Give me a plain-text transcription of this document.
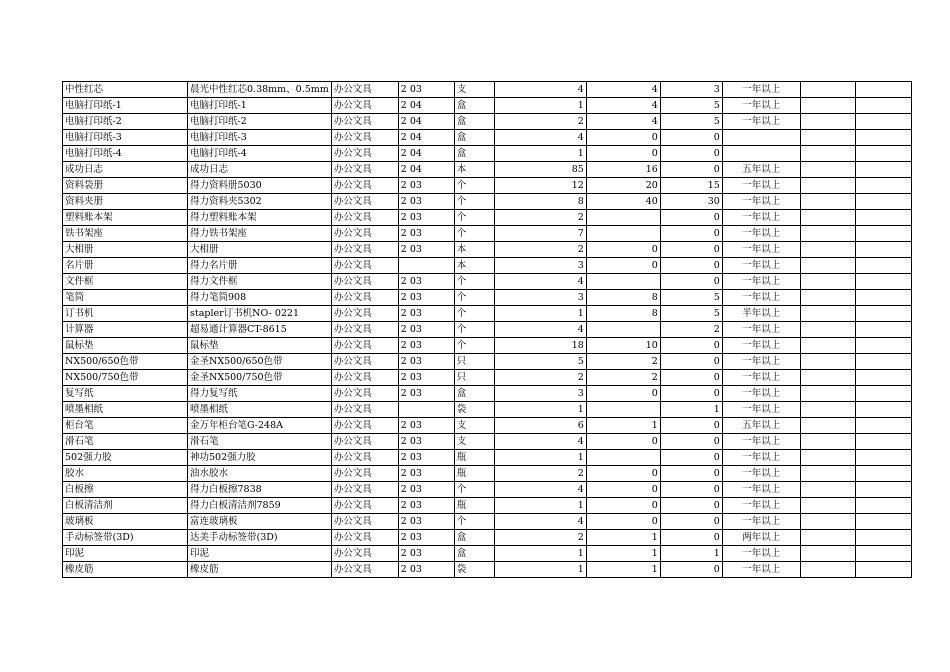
中性红芯	晨光中性红芯0.38mm、0.5mm	办公文具	2 03	支	4	4	3	一年以上		
电脑打印纸-1	电脑打印纸-1	办公文具	2 04	盒	1	4	5	一年以上		
电脑打印纸-2	电脑打印纸-2	办公文具	2 04	盒	2	4	5	一年以上		
电脑打印纸-3	电脑打印纸-3	办公文具	2 04	盒	4	0	0			
电脑打印纸-4	电脑打印纸-4	办公文具	2 04	盒	1	0	0			
成功日志	成功日志	办公文具	2 04	本	85	16	0	五年以上		
资料袋册	得力资料册5030	办公文具	2 03	个	12	20	15	一年以上		
资料夹册	得力资料夹5302	办公文具	2 03	个	8	40	30	一年以上		
塑料账本架	得力塑料账本架	办公文具	2 03	个	2		0	一年以上		
铁书架座	得力铁书架座	办公文具	2 03	个	7		0	一年以上		
大相册	大相册	办公文具	2 03	本	2	0	0	一年以上		
名片册	得力名片册	办公文具		本	3	0	0	一年以上		
文件框	得力文件框	办公文具	2 03	个	4		0	一年以上		
笔筒	得力笔筒908	办公文具	2 03	个	3	8	5	一年以上		
订书机	stapler订书机NO- 0221	办公文具	2 03	个	1	8	5	半年以上		
计算器	超易通计算器CT-8615	办公文具	2 03	个	4		2	一年以上		
鼠标垫	鼠标垫	办公文具	2 03	个	18	10	0	一年以上		
NX500/650色带	金圣NX500/650色带	办公文具	2 03	只	5	2	0	一年以上		
NX500/750色带	金圣NX500/750色带	办公文具	2 03	只	2	2	0	一年以上		
复写纸	得力复写纸	办公文具	2 03	盒	3	0	0	一年以上		
喷墨相纸	喷墨相纸	办公文具		袋	1		1	一年以上		
柜台笔	金万年柜台笔G-248A	办公文具	2 03	支	6	1	0	五年以上		
滑石笔	滑石笔	办公文具	2 03	支	4	0	0	一年以上		
502强力胶	神功502强力胶	办公文具	2 03	瓶	1		0	一年以上		
胶水	油水胶水	办公文具	2 03	瓶	2	0	0	一年以上		
白板擦	得力白板擦7838	办公文具	2 03	个	4	0	0	一年以上		
白板清洁剂	得力白板清洁剂7859	办公文具	2 03	瓶	1	0	0	一年以上		
玻璃板	富连玻璃板	办公文具	2 03	个	4	0	0	一年以上		
手动标签带(3D)	达美手动标签带(3D)	办公文具	2 03	盒	2	1	0	两年以上		
印泥	印泥	办公文具	2 03	盒	1	1	1	一年以上		
橡皮筋	橡皮筋	办公文具	2 03	袋	1	1	0	一年以上		
